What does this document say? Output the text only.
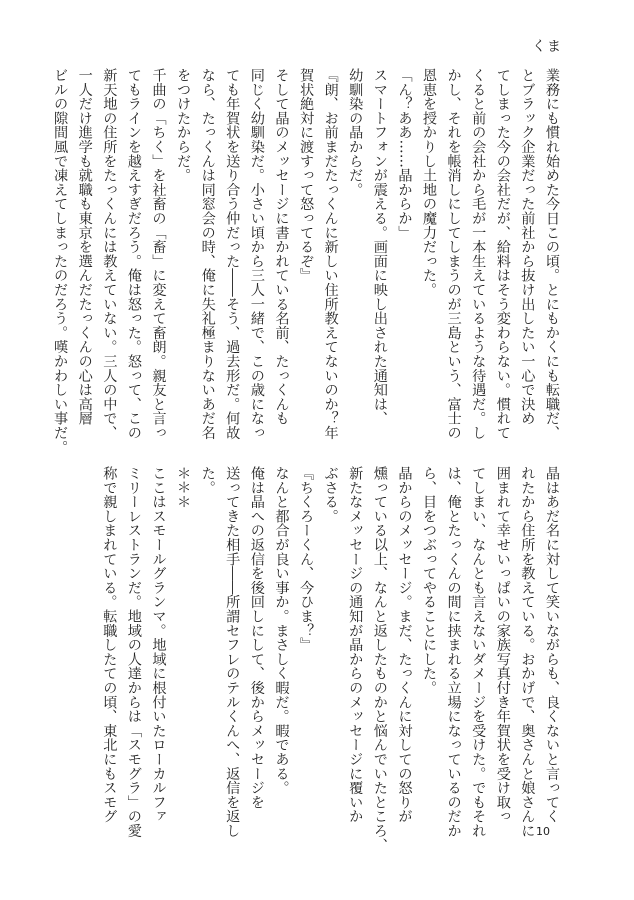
くま

業務にも慣れ始めた今日この頃。とにもかくにも転職だ、

とブラック企業だった前社から抜け出したい一心で決め

てしまった今の会社だが、給料はそう変わらない。慣れて

くると前の会社から毛が一本生えているような待遇だ。し

かし、それを帳消しにしてしまうのが三島という、富士の

恩恵を授かりし土地の魔力だった。

「ん？ああ……晶からか」

スマートフォンが震える。画面に映し出された通知は、

幼馴染の晶からだ。

『朗、お前まだたっくんに新しい住所教えてないのか？年

賀状絶対に渡すって怒ってるぞ』

そして晶のメッセージに書かれている名前、たっくんも

同じく幼馴染だ。小さい頃から三人一緒で、この歳になっ

ても年賀状を送り合う仲だった――そう、過去形だ。何故

なら、たっくんは同窓会の時、俺に失礼極まりないあだ名

をつけたからだ。

千曲の「ちく」を社畜の「畜」に変えて畜朗。親友と言っ

てもラインを越えすぎだろう。俺は怒った。怒って、この

新天地の住所をたっくんには教えていない。三人の中で、

一人だけ進学も就職も東京を選んだたっくんの心は高層

ビルの隙間風で凍えてしまったのだろう。嘆かわしい事だ。

晶はあだ名に対して笑いながらも、良くないと言ってく

れたから住所を教えている。おかげで、奥さんと娘さんに

囲まれて幸せいっぱいの家族写真付き年賀状を受け取っ

てしまい、なんとも言えないダメージを受けた。でもそれ

は、俺とたっくんの間に挟まれる立場になっているのだか

ら、目をつぶってやることにした。

晶からのメッセージ。まだ、たっくんに対しての怒りが

燻っている以上、なんと返したものかと悩んでいたところ、

新たなメッセージの通知が晶からのメッセージに覆いか

ぶさる。

『ちくろーくん、今ひま？』

なんと都合が良い事か。まさしく暇だ。暇である。

俺は晶への返信を後回しにして、後からメッセージを

送ってきた相手――所謂セフレのテルくんへ、返信を返し

た。

＊＊＊

ここはスモールグランマ。地域に根付いたローカルファ

ミリーレストランだ。地域の人達からは「スモグラ」の愛

称で親しまれている。転職したての頃、東北にもスモグ

10
